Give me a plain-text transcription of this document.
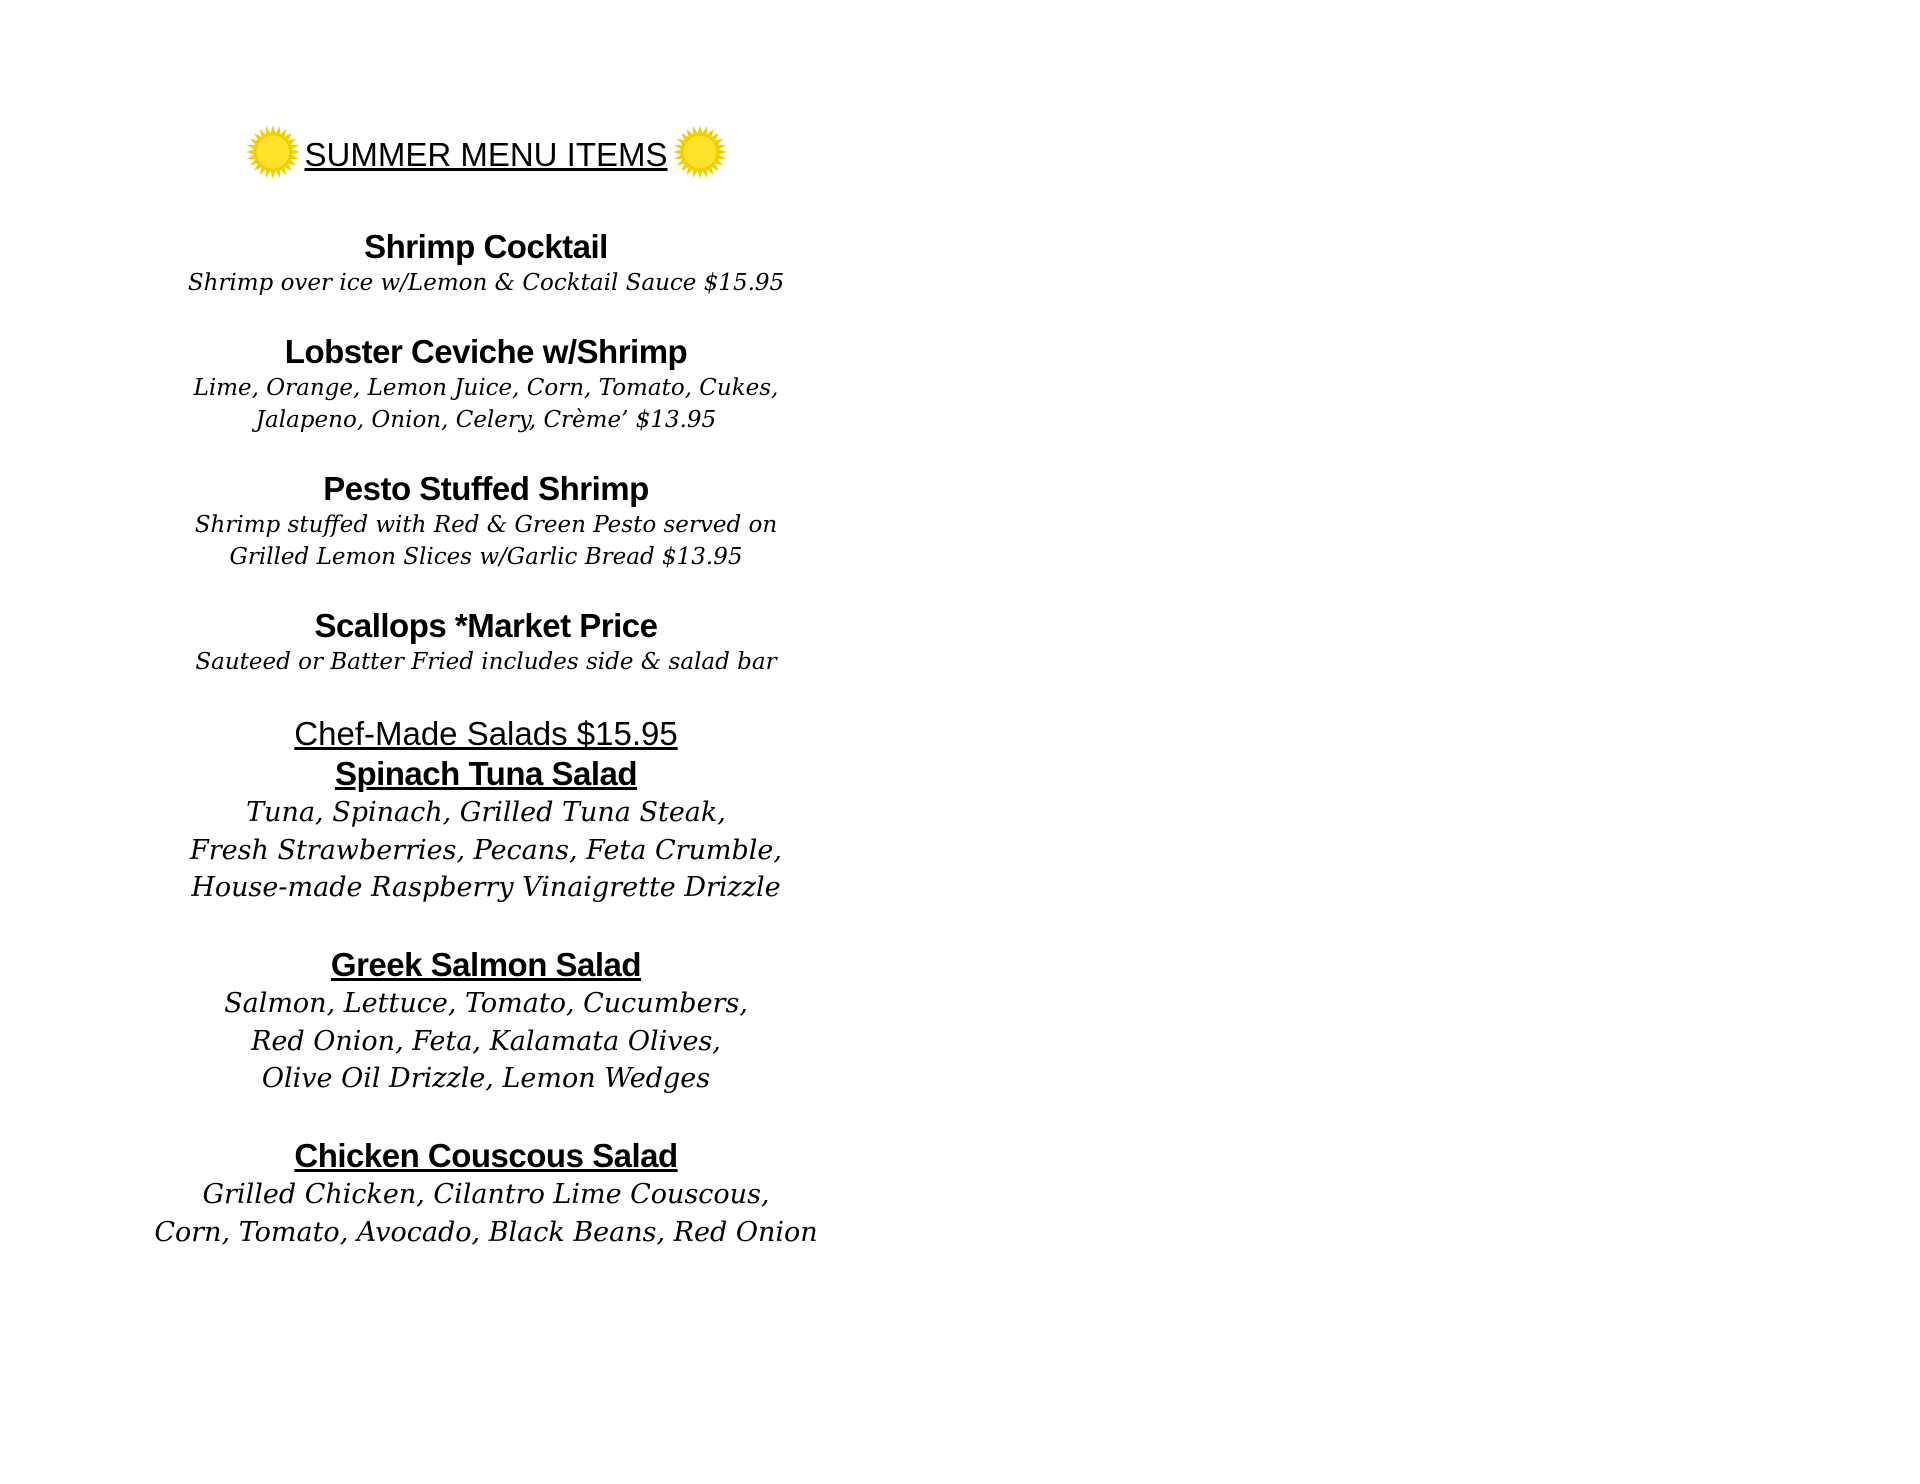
SUMMER MENU ITEMS
Shrimp Cocktail
Shrimp over ice w/Lemon & Cocktail Sauce $15.95
Lobster Ceviche w/Shrimp
Lime, Orange, Lemon Juice, Corn, Tomato, Cukes,
Jalapeno, Onion, Celery, Crème’ $13.95
Pesto Stuffed Shrimp
Shrimp stuffed with Red & Green Pesto served on
Grilled Lemon Slices w/Garlic Bread $13.95
Scallops *Market Price
Sauteed or Batter Fried includes side & salad bar
Chef-Made Salads $15.95
Spinach Tuna Salad
Tuna, Spinach, Grilled Tuna Steak,
Fresh Strawberries, Pecans, Feta Crumble,
House-made Raspberry Vinaigrette Drizzle
Greek Salmon Salad
Salmon, Lettuce, Tomato, Cucumbers,
Red Onion, Feta, Kalamata Olives,
Olive Oil Drizzle, Lemon Wedges
Chicken Couscous Salad
Grilled Chicken, Cilantro Lime Couscous,
Corn, Tomato, Avocado, Black Beans, Red Onion
